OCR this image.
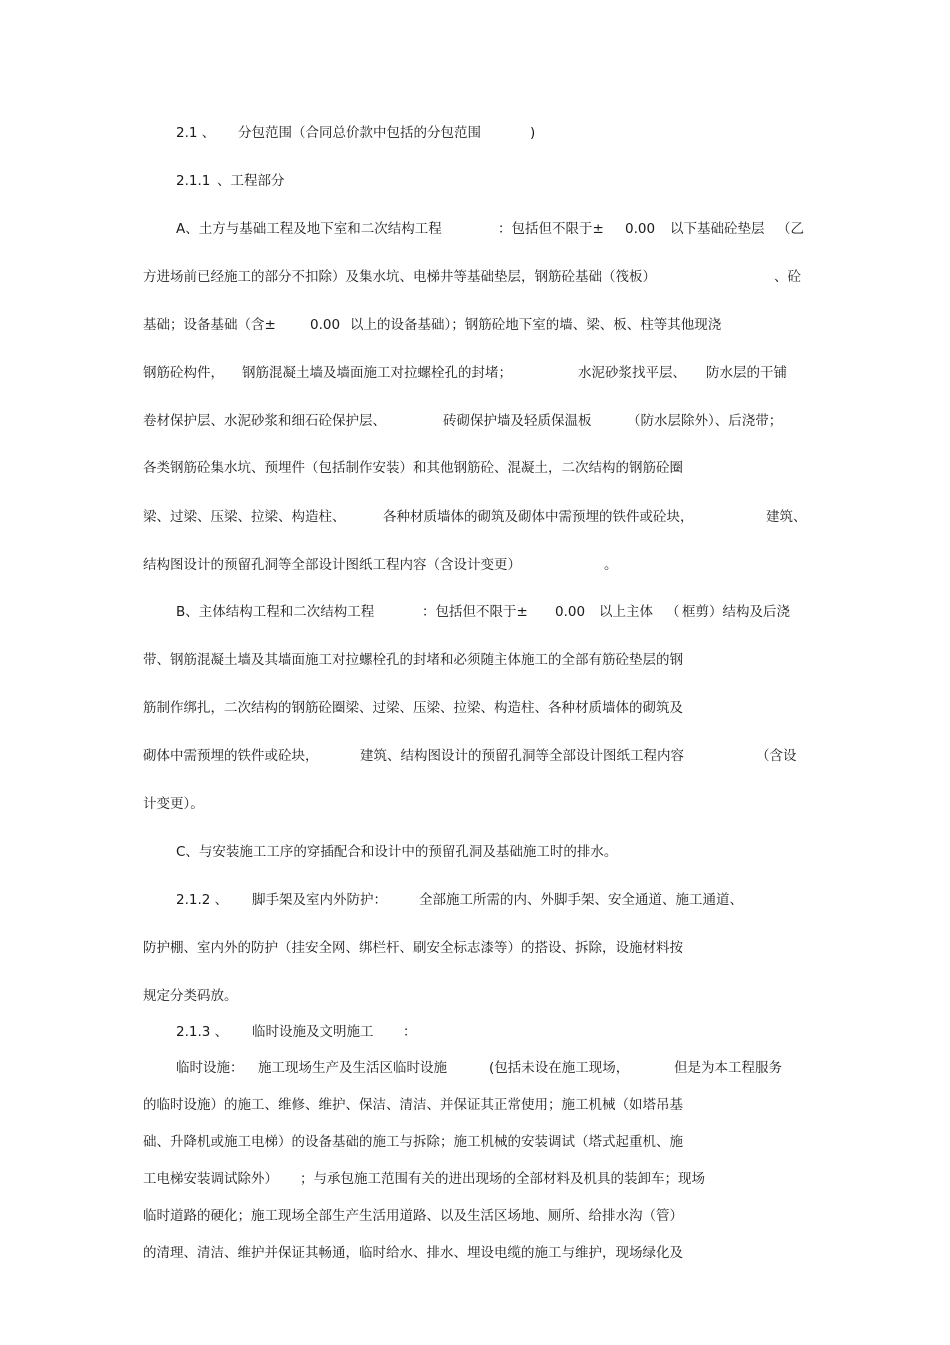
2.1 、 分包范围（合同总价款中包括的分包范围	)
2.1.1 、工程部分
A、土方与基础工程及地下室和二次结构工程	：包括但不限于± 0.00 以下基础砼垫层 （乙
方进场前已经施工的部分不扣除）及集水坑、电梯井等基础垫层，钢筋砼基础（筏板）	、砼
基础；设备基础（含±	0.00 以上的设备基础）；钢筋砼地下室的墙、梁、板、柱等其他现浇
钢筋砼构件， 钢筋混凝土墙及墙面施工对拉螺栓孔的封堵；	水泥砂浆找平层、 防水层的干铺
卷材保护层、水泥砂浆和细石砼保护层、	砖砌保护墙及轻质保温板	（防水层除外）、后浇带；
各类钢筋砼集水坑、预埋件（包括制作安装）和其他钢筋砼、混凝土，二次结构的钢筋砼圈
梁、过梁、压梁、拉梁、构造柱、	各种材质墙体的砌筑及砌体中需预埋的铁件或砼块，	建筑、
结构图设计的预留孔洞等全部设计图纸工程内容（含设计变更）	。
B、主体结构工程和二次结构工程	：包括但不限于± 0.00 以上主体 （ 框剪）结构及后浇
带、钢筋混凝土墙及其墙面施工对拉螺栓孔的封堵和必须随主体施工的全部有筋砼垫层的钢
筋制作绑扎，二次结构的钢筋砼圈梁、过梁、压梁、拉梁、构造柱、各种材质墙体的砌筑及
砌体中需预埋的铁件或砼块，	建筑、结构图设计的预留孔洞等全部设计图纸工程内容	（含设
计变更）。
C、与安装施工工序的穿插配合和设计中的预留孔洞及基础施工时的排水。
2.1.2 、 脚手架及室内外防护： 全部施工所需的内、外脚手架、安全通道、施工通道、
防护棚、室内外的防护（挂安全网、绑栏杆、刷安全标志漆等）的搭设、拆除，设施材料按
规定分类码放。
2.1.3 、 临时设施及文明施工 ：
临时设施： 施工现场生产及生活区临时设施	(包括未设在施工现场，	但是为本工程服务
的临时设施）的施工、维修、维护、保洁、清洁、并保证其正常使用；施工机械（如塔吊基
础、升降机或施工电梯）的设备基础的施工与拆除；施工机械的安装调试（塔式起重机、施
工电梯安装调试除外） ；与承包施工范围有关的进出现场的全部材料及机具的装卸车；现场
临时道路的硬化；施工现场全部生产生活用道路、以及生活区场地、厕所、给排水沟（管）
的清理、清洁、维护并保证其畅通，临时给水、排水、埋设电缆的施工与维护，现场绿化及
